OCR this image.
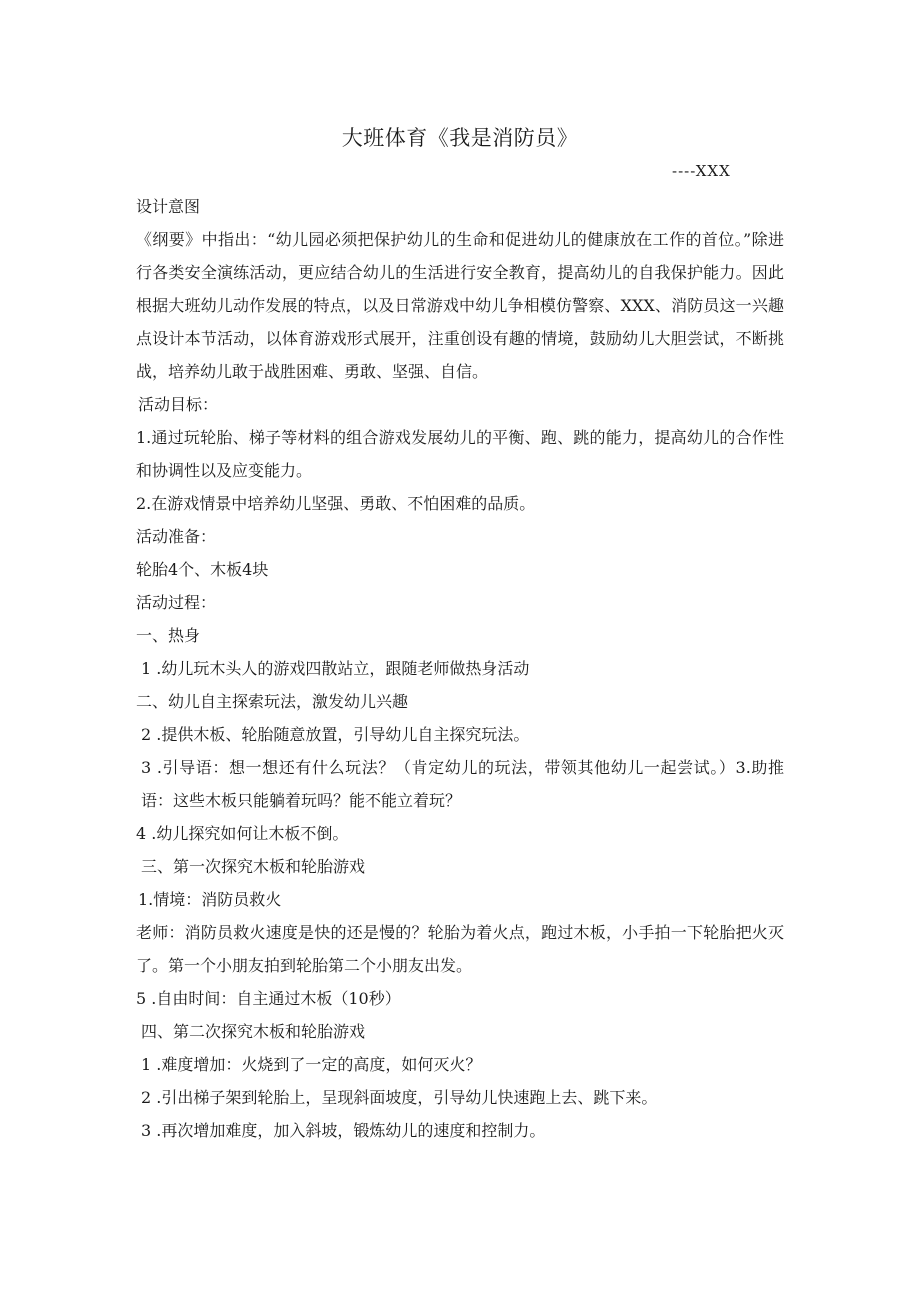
大班体育《我是消防员》
----XXX

设计意图

《纲要》中指出：“幼儿园必须把保护幼儿的生命和促进幼儿的健康放在工作的首位。”除进行各类安全演练活动，更应结合幼儿的生活进行安全教育，提高幼儿的自我保护能力。因此根据大班幼儿动作发展的特点，以及日常游戏中幼儿争相模仿警察、XXX、消防员这一兴趣点设计本节活动，以体育游戏形式展开，注重创设有趣的情境，鼓励幼儿大胆尝试，不断挑战，培养幼儿敢于战胜困难、勇敢、坚强、自信。

活动目标：

1.通过玩轮胎、梯子等材料的组合游戏发展幼儿的平衡、跑、跳的能力，提高幼儿的合作性和协调性以及应变能力。

2.在游戏情景中培养幼儿坚强、勇敢、不怕困难的品质。

活动准备：

轮胎4个、木板4块

活动过程：

一、热身

1 .幼儿玩木头人的游戏四散站立，跟随老师做热身活动

二、幼儿自主探索玩法，激发幼儿兴趣

2 .提供木板、轮胎随意放置，引导幼儿自主探究玩法。

3 .引导语：想一想还有什么玩法？（肯定幼儿的玩法，带领其他幼儿一起尝试。）3.助推语：这些木板只能躺着玩吗？能不能立着玩？

4 .幼儿探究如何让木板不倒。

三、第一次探究木板和轮胎游戏

1.情境：消防员救火

老师：消防员救火速度是快的还是慢的？轮胎为着火点，跑过木板，小手拍一下轮胎把火灭了。第一个小朋友拍到轮胎第二个小朋友出发。

5 .自由时间：自主通过木板（10秒）

四、第二次探究木板和轮胎游戏

1 .难度增加：火烧到了一定的高度，如何灭火？

2 .引出梯子架到轮胎上，呈现斜面坡度，引导幼儿快速跑上去、跳下来。

3 .再次增加难度，加入斜坡，锻炼幼儿的速度和控制力。
